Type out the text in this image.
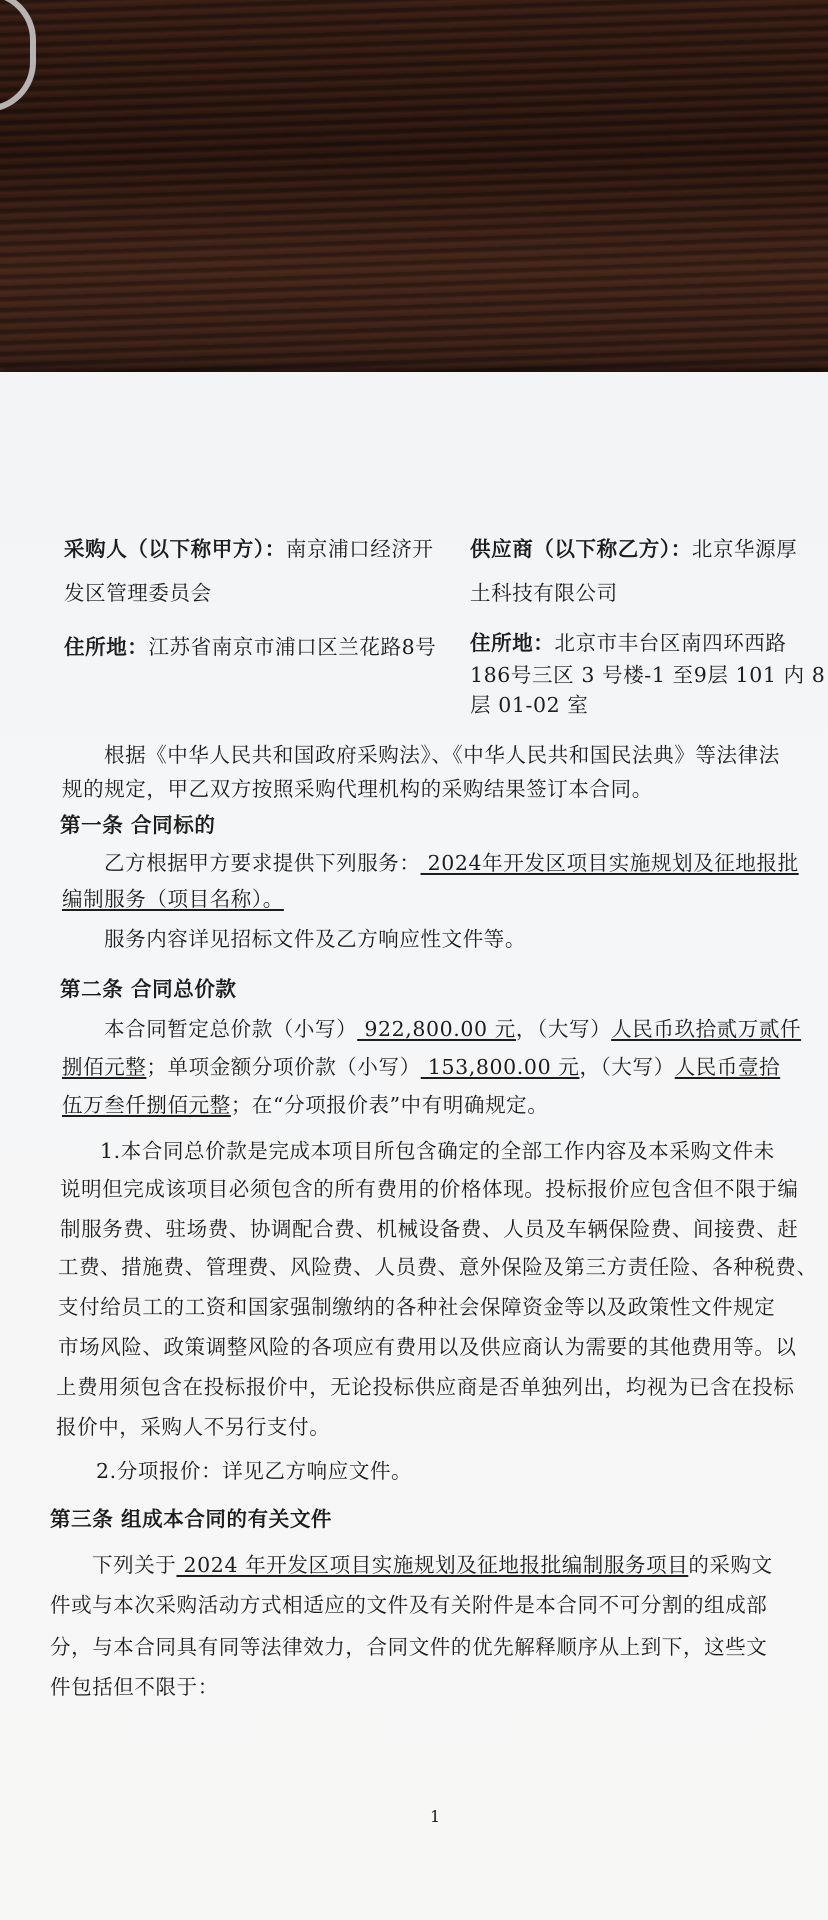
采购人（以下称甲方）：南京浦口经济开
发区管理委员会
供应商（以下称乙方）：北京华源厚
土科技有限公司
住所地：江苏省南京市浦口区兰花路8号 住所地：北京市丰台区南四环西路
186号三区 3 号楼-1 至9层 101 内 8
层 01-02 室
根据《中华人民共和国政府采购法》、《中华人民共和国民法典》等法律法
规的规定，甲乙双方按照采购代理机构的采购结果签订本合同。
第一条 合同标的
乙方根据甲方要求提供下列服务： 2024年开发区项目实施规划及征地报批
编制服务（项目名称）。
服务内容详见招标文件及乙方响应性文件等。
第二条 合同总价款
本合同暂定总价款（小写） 922,800.00 元，（大写）人民币玖拾贰万贰仟
捌佰元整；单项金额分项价款（小写） 153,800.00 元，（大写）人民币壹拾
伍万叁仟捌佰元整；在“分项报价表”中有明确规定。
1.本合同总价款是完成本项目所包含确定的全部工作内容及本采购文件未
说明但完成该项目必须包含的所有费用的价格体现。投标报价应包含但不限于编
制服务费、驻场费、协调配合费、机械设备费、人员及车辆保险费、间接费、赶
工费、措施费、管理费、风险费、人员费、意外保险及第三方责任险、各种税费、
支付给员工的工资和国家强制缴纳的各种社会保障资金等以及政策性文件规定
市场风险、政策调整风险的各项应有费用以及供应商认为需要的其他费用等。以
上费用须包含在投标报价中，无论投标供应商是否单独列出，均视为已含在投标
报价中，采购人不另行支付。
2.分项报价：详见乙方响应文件。
第三条 组成本合同的有关文件
下列关于 2024 年开发区项目实施规划及征地报批编制服务项目的采购文
件或与本次采购活动方式相适应的文件及有关附件是本合同不可分割的组成部
分，与本合同具有同等法律效力，合同文件的优先解释顺序从上到下，这些文
件包括但不限于：
1
